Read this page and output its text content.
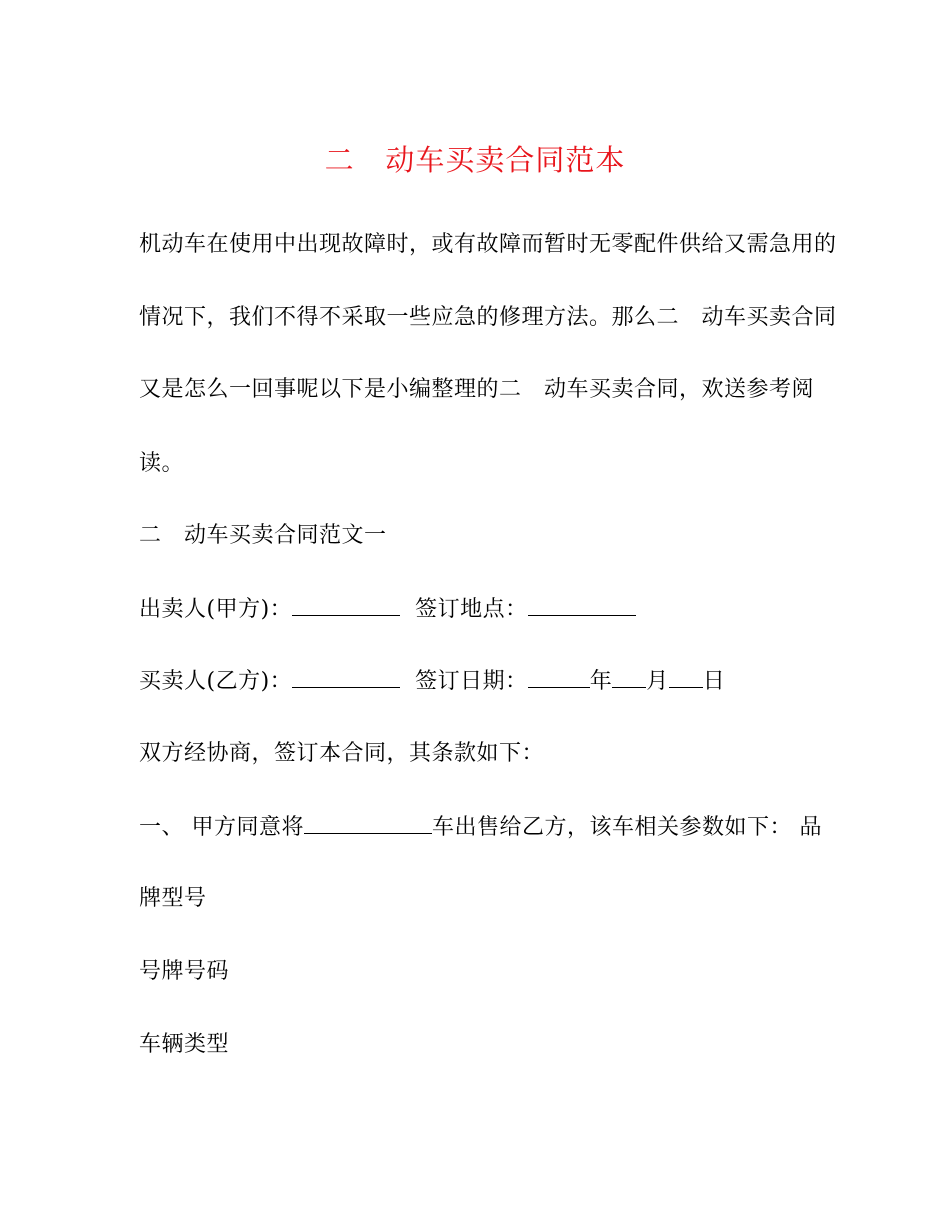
二   动车买卖合同范本
机动车在使用中出现故障时，或有故障而暂时无零配件供给又需急用的
情况下，我们不得不采取一些应急的修理方法。那么二   动车买卖合同
又是怎么一回事呢以下是小编整理的二   动车买卖合同，欢送参考阅
读。
二   动车买卖合同范文一
出卖人(甲方)：	签订地点：
买卖人(乙方)：	签订日期：	年 月 日
双方经协商，签订本合同，其条款如下：
一、 甲方同意将	车出售给乙方，该车相关参数如下： 品
牌型号
号牌号码
车辆类型
